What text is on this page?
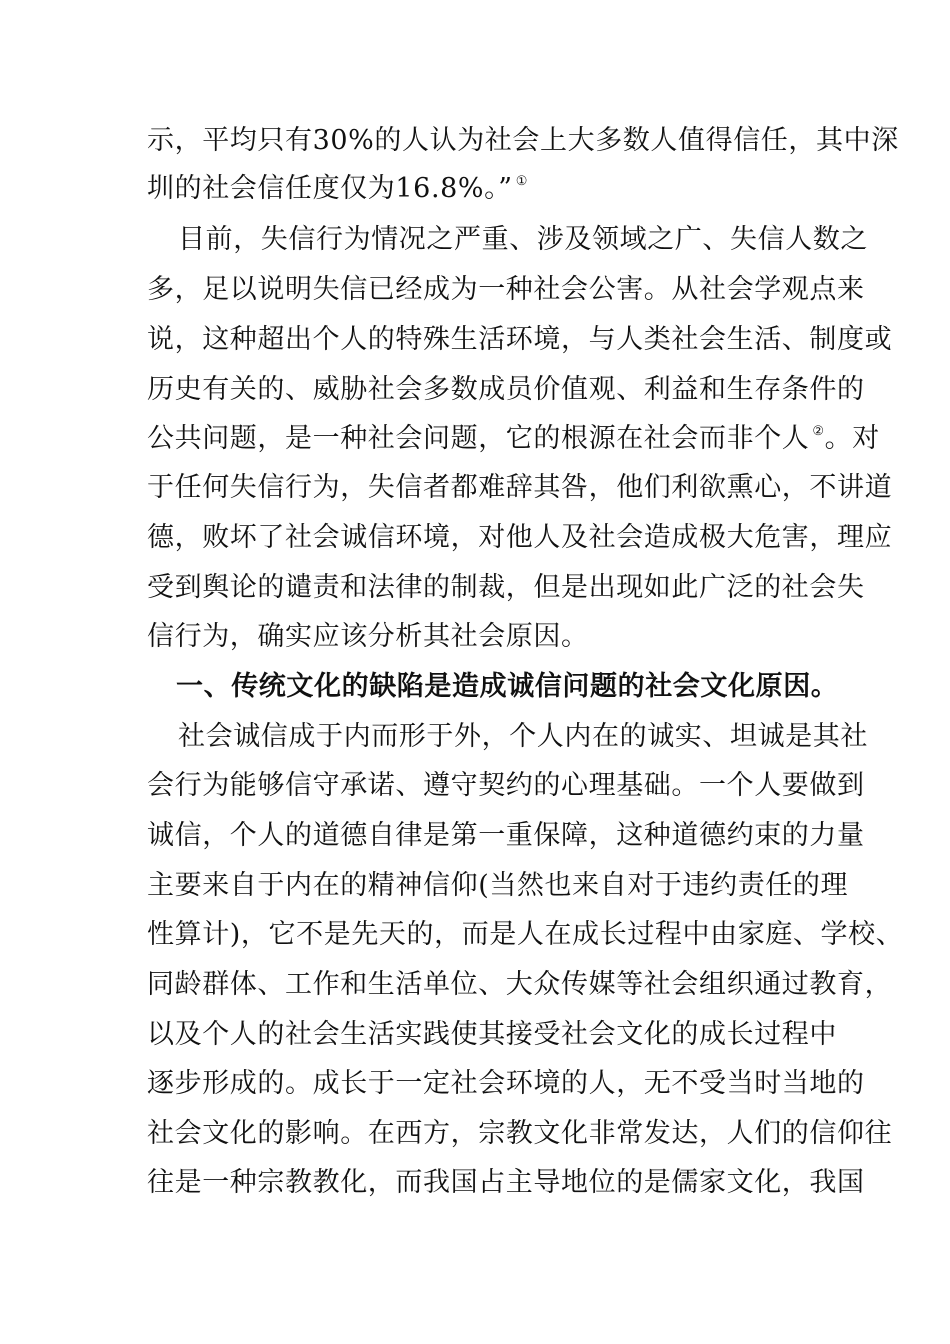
示，平均只有30%的人认为社会上大多数人值得信任，其中深

圳的社会信任度仅为16.8%。” ①

目前，失信行为情况之严重、涉及领域之广、失信人数之

多，足以说明失信已经成为一种社会公害。从社会学观点来

说，这种超出个人的特殊生活环境，与人类社会生活、制度或

历史有关的、威胁社会多数成员价值观、利益和生存条件的

公共问题，是一种社会问题，它的根源在社会而非个人 ②。对

于任何失信行为，失信者都难辞其咎，他们利欲熏心，不讲道

德，败坏了社会诚信环境，对他人及社会造成极大危害，理应

受到舆论的谴责和法律的制裁，但是出现如此广泛的社会失

信行为，确实应该分析其社会原因。

一、传统文化的缺陷是造成诚信问题的社会文化原因。

社会诚信成于内而形于外，个人内在的诚实、坦诚是其社

会行为能够信守承诺、遵守契约的心理基础。一个人要做到

诚信，个人的道德自律是第一重保障，这种道德约束的力量

主要来自于内在的精神信仰(当然也来自对于违约责任的理

性算计)，它不是先天的，而是人在成长过程中由家庭、学校、

同龄群体、工作和生活单位、大众传媒等社会组织通过教育，

以及个人的社会生活实践使其接受社会文化的成长过程中

逐步形成的。成长于一定社会环境的人，无不受当时当地的

社会文化的影响。在西方，宗教文化非常发达，人们的信仰往

往是一种宗教教化，而我国占主导地位的是儒家文化，我国
